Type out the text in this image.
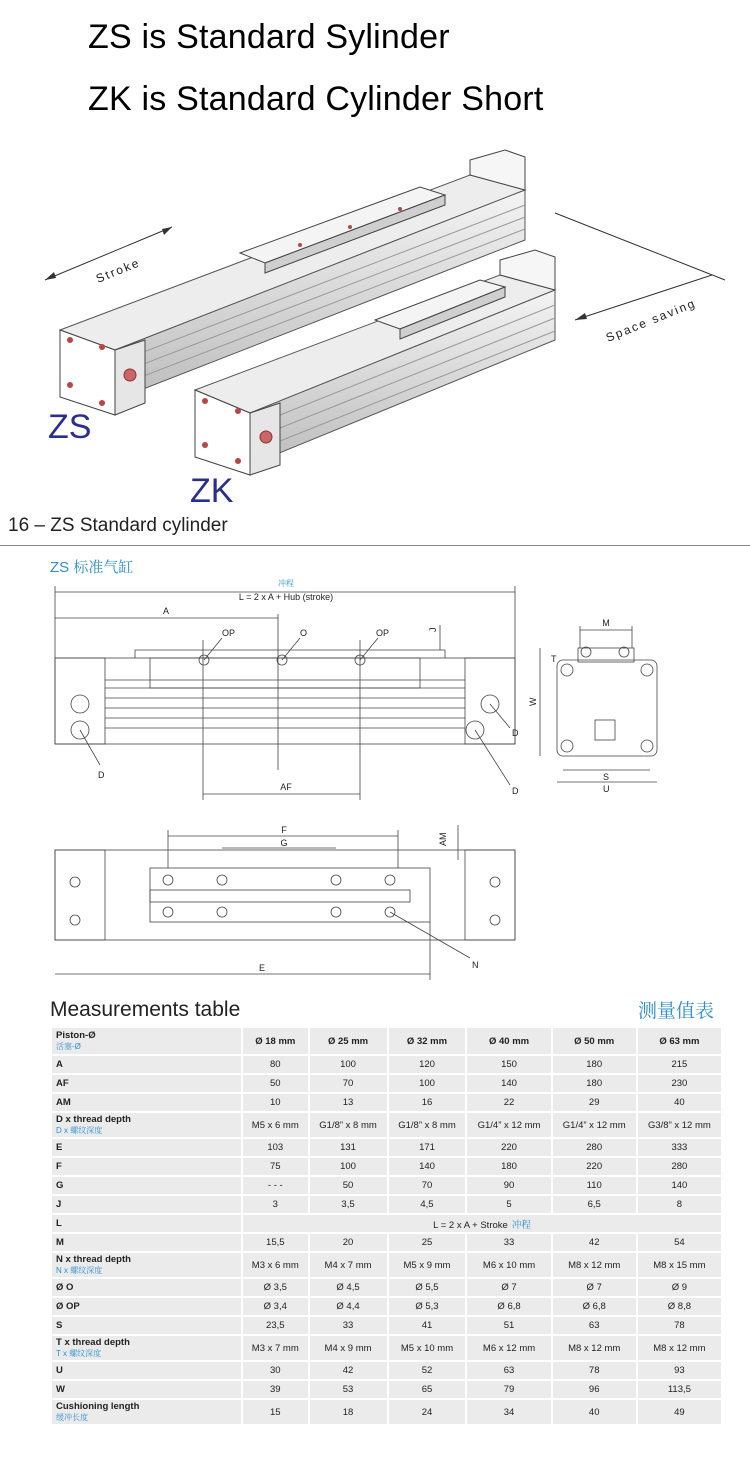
ZS is Standard Sylinder
ZK is Standard Cylinder Short
Stroke
Space saving
ZS
ZK
16 – ZS Standard cylinder
ZS 标准气缸
冲程
L = 2 x A + Hub (stroke)
A
OP	O	OP	J
D
D
D
AF
M
T
W
S
U
F
G	AM
E	N
Measurements table	测量值表
Piston-Ø
活塞-Ø	Ø 18 mm	Ø 25 mm	Ø 32 mm	Ø 40 mm	Ø 50 mm	Ø 63 mm

A	80	100	120	150	180	215

AF	50	70	100	140	180	230

AM	10	13	16	22	29	40

D x thread depth
D x 螺纹深度	M5 x 6 mm	G1/8” x 8 mm	G1/8” x 8 mm	G1/4” x 12 mm	G1/4” x 12 mm	G3/8” x 12 mm

E	103	131	171	220	280	333

F	75	100	140	180	220	280

G	- - -	50	70	90	110	140

J	3	3,5	4,5	5	6,5	8

L	L = 2 x A + Stroke 冲程					

M	15,5	20	25	33	42	54

N x thread depth
N x 螺纹深度	M3 x 6 mm	M4 x 7 mm	M5 x 9 mm	M6 x 10 mm	M8 x 12 mm	M8 x 15 mm

Ø O	Ø 3,5	Ø 4,5	Ø 5,5	Ø 7	Ø 7	Ø 9

Ø OP	Ø 3,4	Ø 4,4	Ø 5,3	Ø 6,8	Ø 6,8	Ø 8,8

S	23,5	33	41	51	63	78

T x thread depth
T x 螺纹深度	M3 x 7 mm	M4 x 9 mm	M5 x 10 mm	M6 x 12 mm	M8 x 12 mm	M8 x 12 mm

U	30	42	52	63	78	93

W	39	53	65	79	96	113,5

Cushioning length
缓冲长度	15	18	24	34	40	49
